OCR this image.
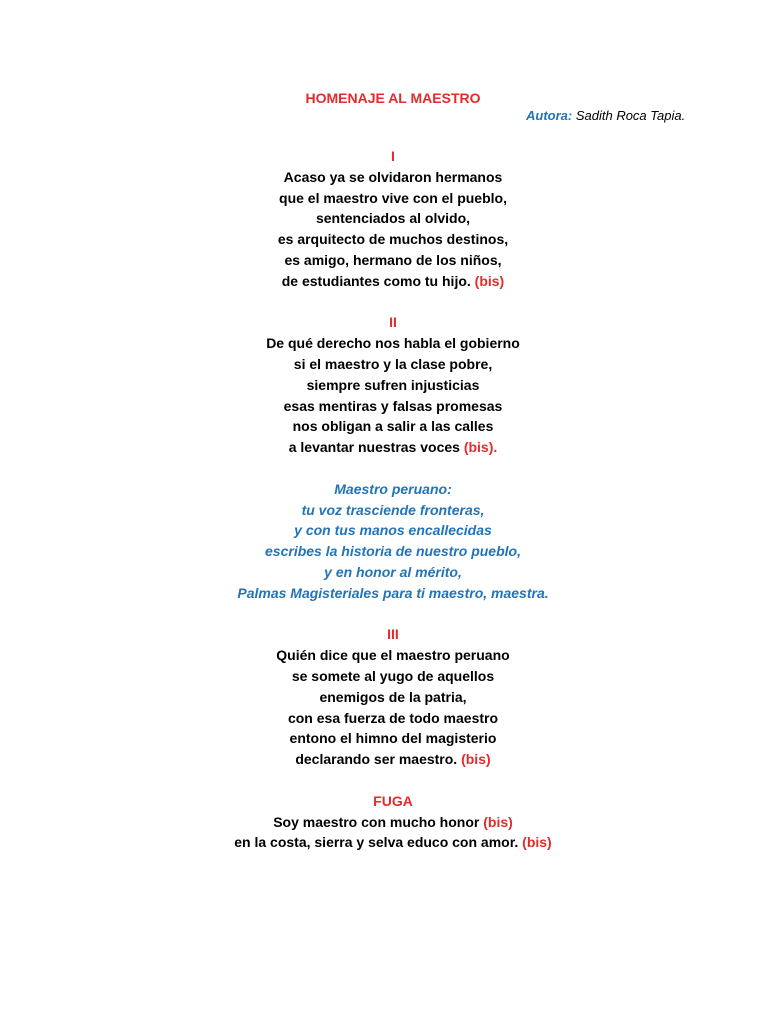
HOMENAJE AL MAESTRO
Autora: Sadith Roca Tapia.
I
Acaso ya se olvidaron hermanos
que el maestro vive con el pueblo,
sentenciados al olvido,
es arquitecto de muchos destinos,
es amigo, hermano de los niños,
de estudiantes como tu hijo. (bis)
II
De qué derecho nos habla el gobierno
si el maestro y la clase pobre,
siempre sufren injusticias
esas mentiras y falsas promesas
nos obligan a salir a las calles
a levantar nuestras voces (bis).
Maestro peruano:
tu voz trasciende fronteras,
y con tus manos encallecidas
escribes la historia de nuestro pueblo,
y en honor al mérito,
Palmas Magisteriales para ti maestro, maestra.
III
Quién dice que el maestro peruano
se somete al yugo de aquellos
enemigos de la patria,
con esa fuerza de todo maestro
entono el himno del magisterio
declarando ser maestro. (bis)
FUGA
Soy maestro con mucho honor (bis)
en la costa, sierra y selva educo con amor. (bis)
